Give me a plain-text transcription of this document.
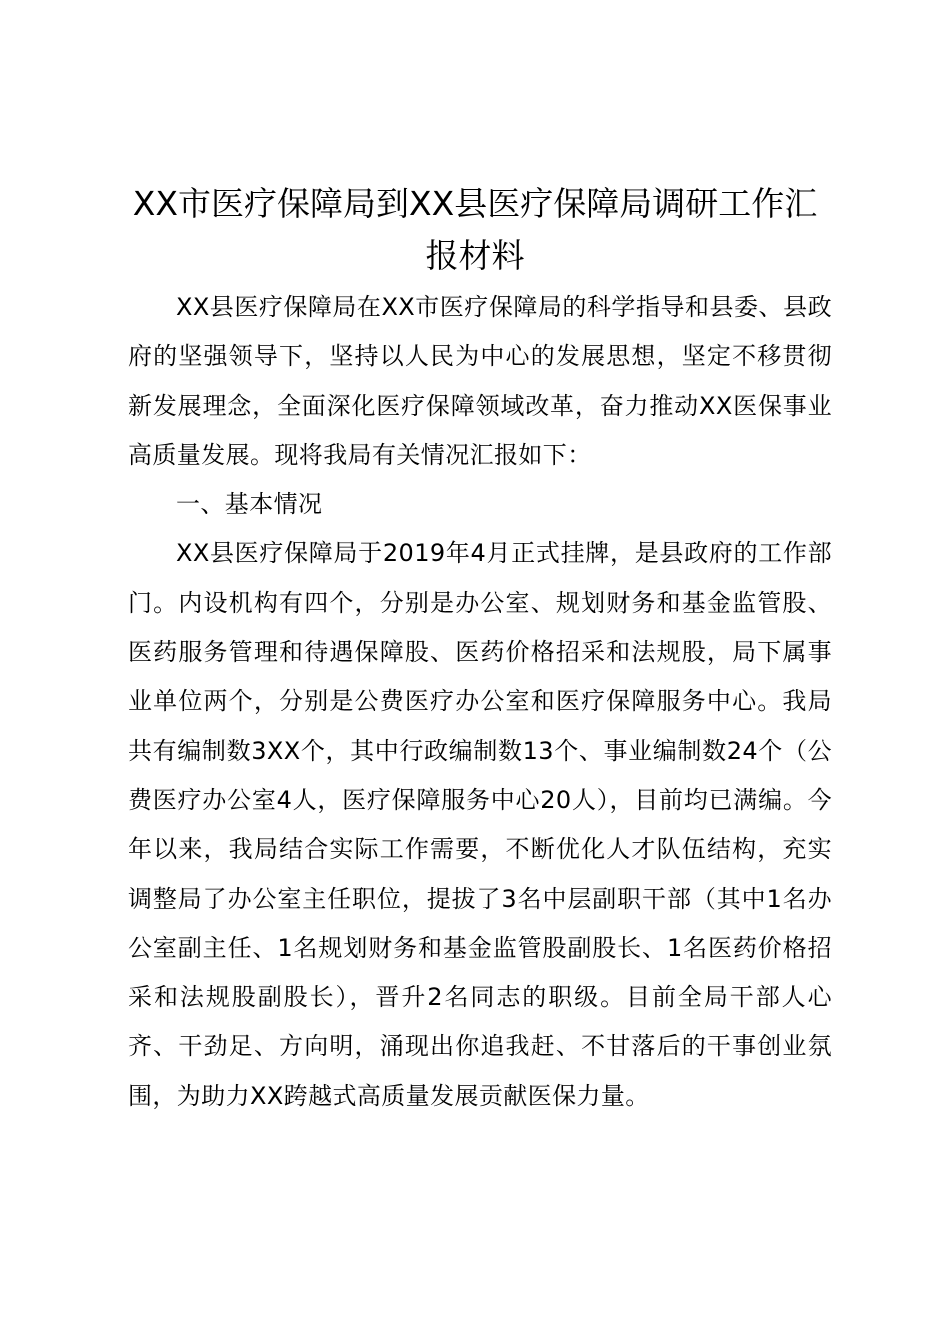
XX市医疗保障局到XX县医疗保障局调研工作汇报材料

XX县医疗保障局在XX市医疗保障局的科学指导和县委、县政府的坚强领导下，坚持以人民为中心的发展思想，坚定不移贯彻新发展理念，全面深化医疗保障领域改革，奋力推动XX医保事业高质量发展。现将我局有关情况汇报如下：

一、基本情况

XX县医疗保障局于2019年4月正式挂牌，是县政府的工作部门。内设机构有四个，分别是办公室、规划财务和基金监管股、医药服务管理和待遇保障股、医药价格招采和法规股，局下属事业单位两个，分别是公费医疗办公室和医疗保障服务中心。我局共有编制数3XX个，其中行政编制数13个、事业编制数24个（公费医疗办公室4人，医疗保障服务中心20人），目前均已满编。今年以来，我局结合实际工作需要，不断优化人才队伍结构，充实调整局了办公室主任职位，提拔了3名中层副职干部（其中1名办公室副主任、1名规划财务和基金监管股副股长、1名医药价格招采和法规股副股长），晋升2名同志的职级。目前全局干部人心齐、干劲足、方向明，涌现出你追我赶、不甘落后的干事创业氛围，为助力XX跨越式高质量发展贡献医保力量。
